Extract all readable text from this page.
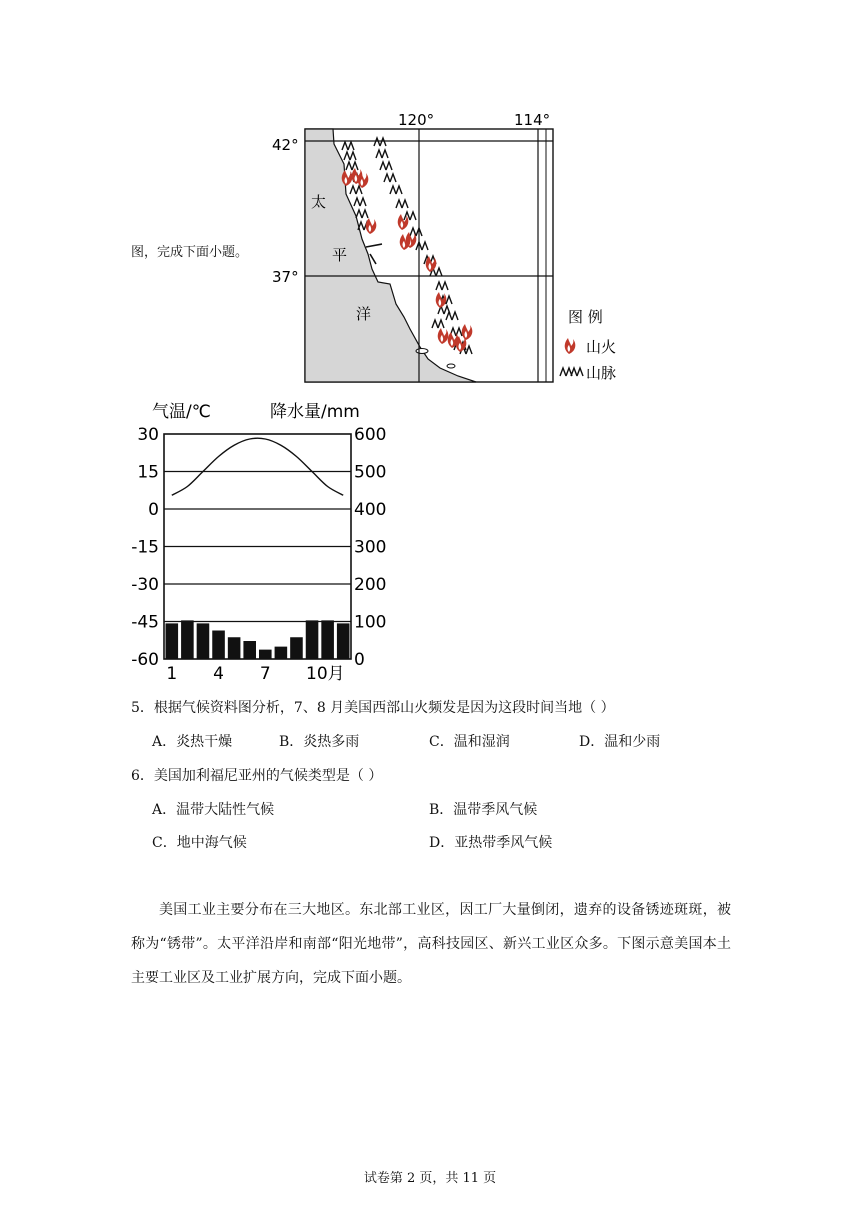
图，完成下面小题。
120°	114°
42°
37°
太
平
洋	图 例
山火
山脉
气温/℃	降水量/mm
30
15
0
-15
-30
-45
-60
600
500
400
300
200
100
0
1 4 7 10月
5．根据气候资料图分析，7、8 月美国西部山火频发是因为这段时间当地（ ）
A．炎热干燥	B．炎热多雨	C．温和湿润	D．温和少雨
6．美国加利福尼亚州的气候类型是（ ）
A．温带大陆性气候	B．温带季风气候
C．地中海气候	D．亚热带季风气候
美国工业主要分布在三大地区。东北部工业区，因工厂大量倒闭，遗弃的设备锈迹斑斑，被称为“锈带”。太平洋沿岸和南部“阳光地带”，高科技园区、新兴工业区众多。下图示意美国本土主要工业区及工业扩展方向，完成下面小题。
试卷第 2 页，共 11 页
